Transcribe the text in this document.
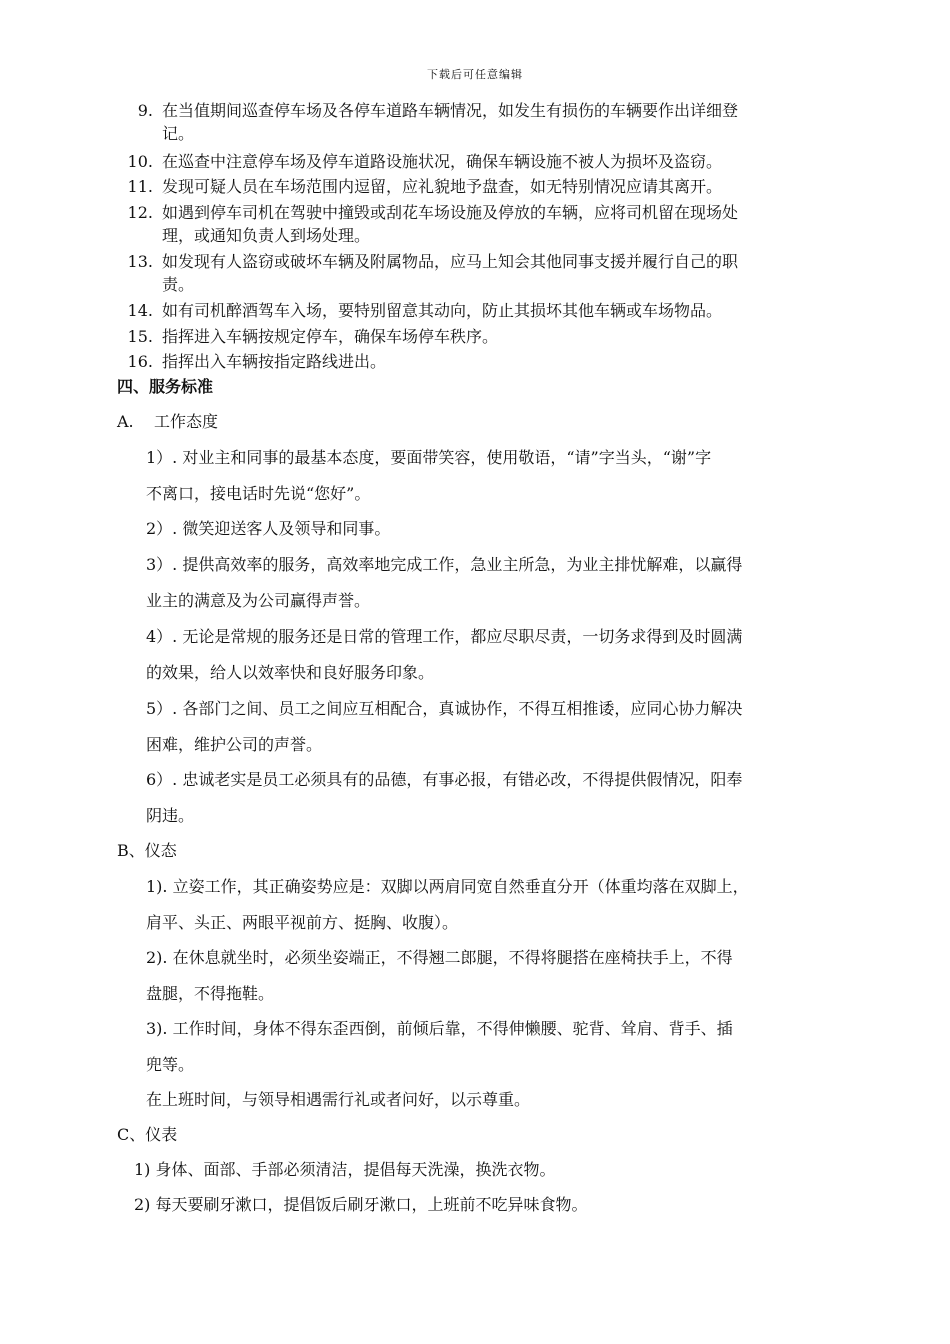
下载后可任意编辑
9. 在当值期间巡查停车场及各停车道路车辆情况，如发生有损伤的车辆要作出详细登
记。
10. 在巡查中注意停车场及停车道路设施状况，确保车辆设施不被人为损坏及盗窃。
11. 发现可疑人员在车场范围内逗留，应礼貌地予盘查，如无特别情况应请其离开。
12. 如遇到停车司机在驾驶中撞毁或刮花车场设施及停放的车辆，应将司机留在现场处
理，或通知负责人到场处理。
13. 如发现有人盗窃或破坏车辆及附属物品，应马上知会其他同事支援并履行自己的职
责。
14. 如有司机醉酒驾车入场，要特别留意其动向，防止其损坏其他车辆或车场物品。
15. 指挥进入车辆按规定停车，确保车场停车秩序。
16. 指挥出入车辆按指定路线进出。
四、服务标准
A.    工作态度
1）. 对业主和同事的最基本态度，要面带笑容，使用敬语，“请”字当头，“谢”字
不离口，接电话时先说“您好”。
2）. 微笑迎送客人及领导和同事。
3）. 提供高效率的服务，高效率地完成工作，急业主所急，为业主排忧解难，以赢得
业主的满意及为公司赢得声誉。
4）. 无论是常规的服务还是日常的管理工作，都应尽职尽责，一切务求得到及时圆满
的效果，给人以效率快和良好服务印象。
5）. 各部门之间、员工之间应互相配合，真诚协作，不得互相推诿，应同心协力解决
困难，维护公司的声誉。
6）. 忠诚老实是员工必须具有的品德，有事必报，有错必改，不得提供假情况，阳奉
阴违。
B、仪态
1). 立姿工作，其正确姿势应是：双脚以两肩同宽自然垂直分开（体重均落在双脚上，
肩平、头正、两眼平视前方、挺胸、收腹）。
2). 在休息就坐时，必须坐姿端正，不得翘二郎腿，不得将腿搭在座椅扶手上，不得
盘腿，不得拖鞋。
3). 工作时间，身体不得东歪西倒，前倾后靠，不得伸懒腰、驼背、耸肩、背手、插
兜等。
在上班时间，与领导相遇需行礼或者问好，以示尊重。
C、仪表
1) 身体、面部、手部必须清洁，提倡每天洗澡，换洗衣物。
2) 每天要刷牙漱口，提倡饭后刷牙漱口，上班前不吃异味食物。
